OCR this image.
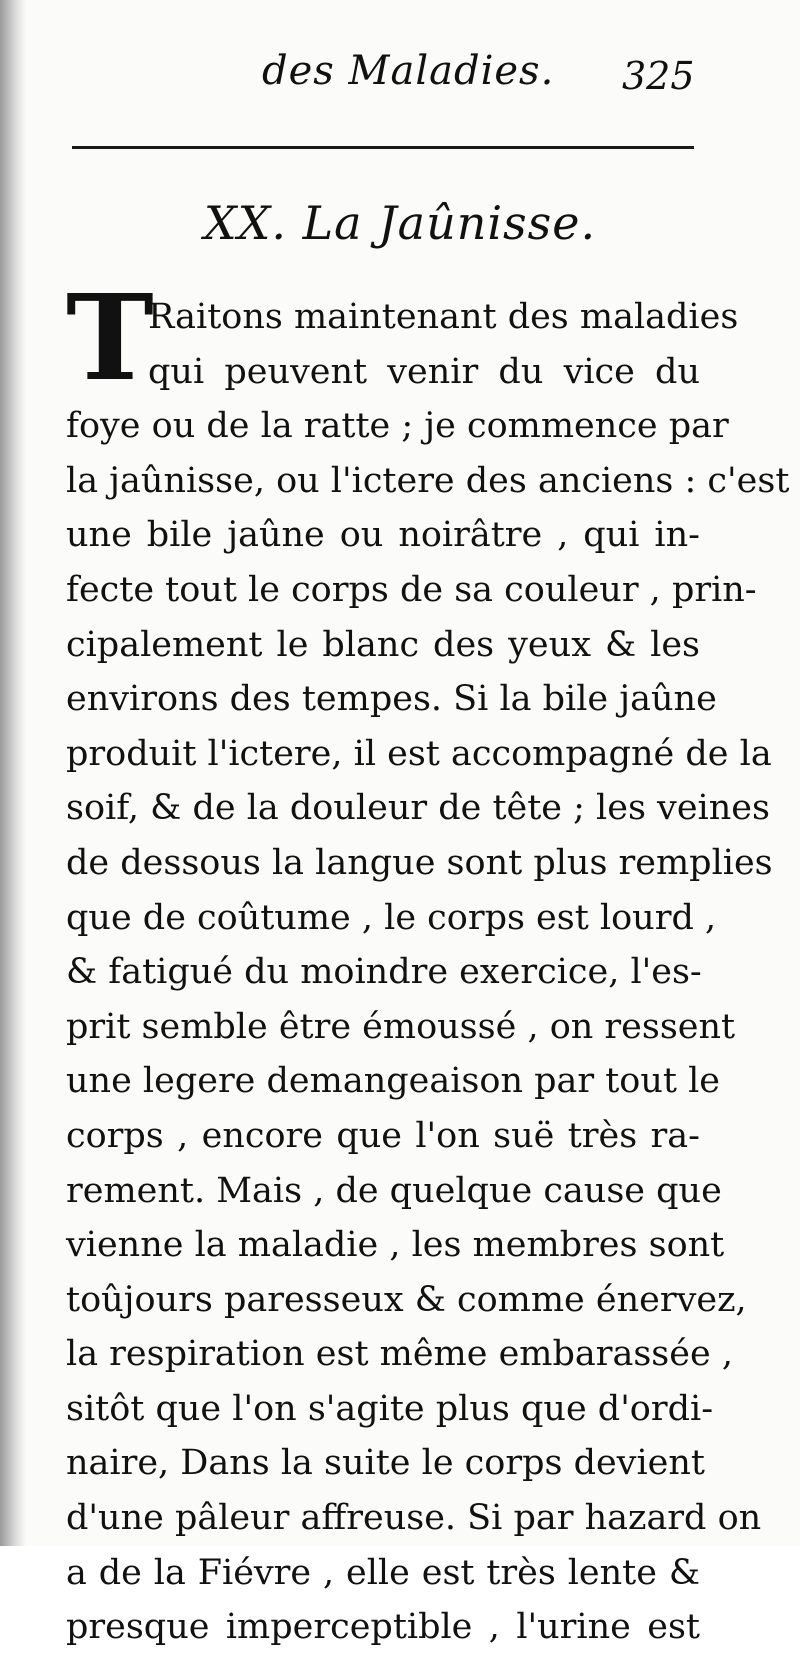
des Maladies. 325
XX. La Jaûnisse.
T
Raitons maintenant des maladies
qui peuvent venir du vice du
foye ou de la ratte ; je commence par
la jaûnisse, ou l'ictere des anciens : c'est
une bile jaûne ou noirâtre , qui in-
fecte tout le corps de sa couleur , prin-
cipalement le blanc des yeux & les
environs des tempes. Si la bile jaûne
produit l'ictere, il est accompagné de la
soif, & de la douleur de tête ; les veines
de dessous la langue sont plus remplies
que de coûtume , le corps est lourd ,
& fatigué du moindre exercice, l'es-
prit semble être émoussé , on ressent
une legere demangeaison par tout le
corps , encore que l'on suë très ra-
rement. Mais , de quelque cause que
vienne la maladie , les membres sont
toûjours paresseux & comme énervez,
la respiration est même embarassée ,
sitôt que l'on s'agite plus que d'ordi-
naire, Dans la suite le corps devient
d'une pâleur affreuse. Si par hazard on
a de la Fiévre , elle est très lente &
presque imperceptible , l'urine est
